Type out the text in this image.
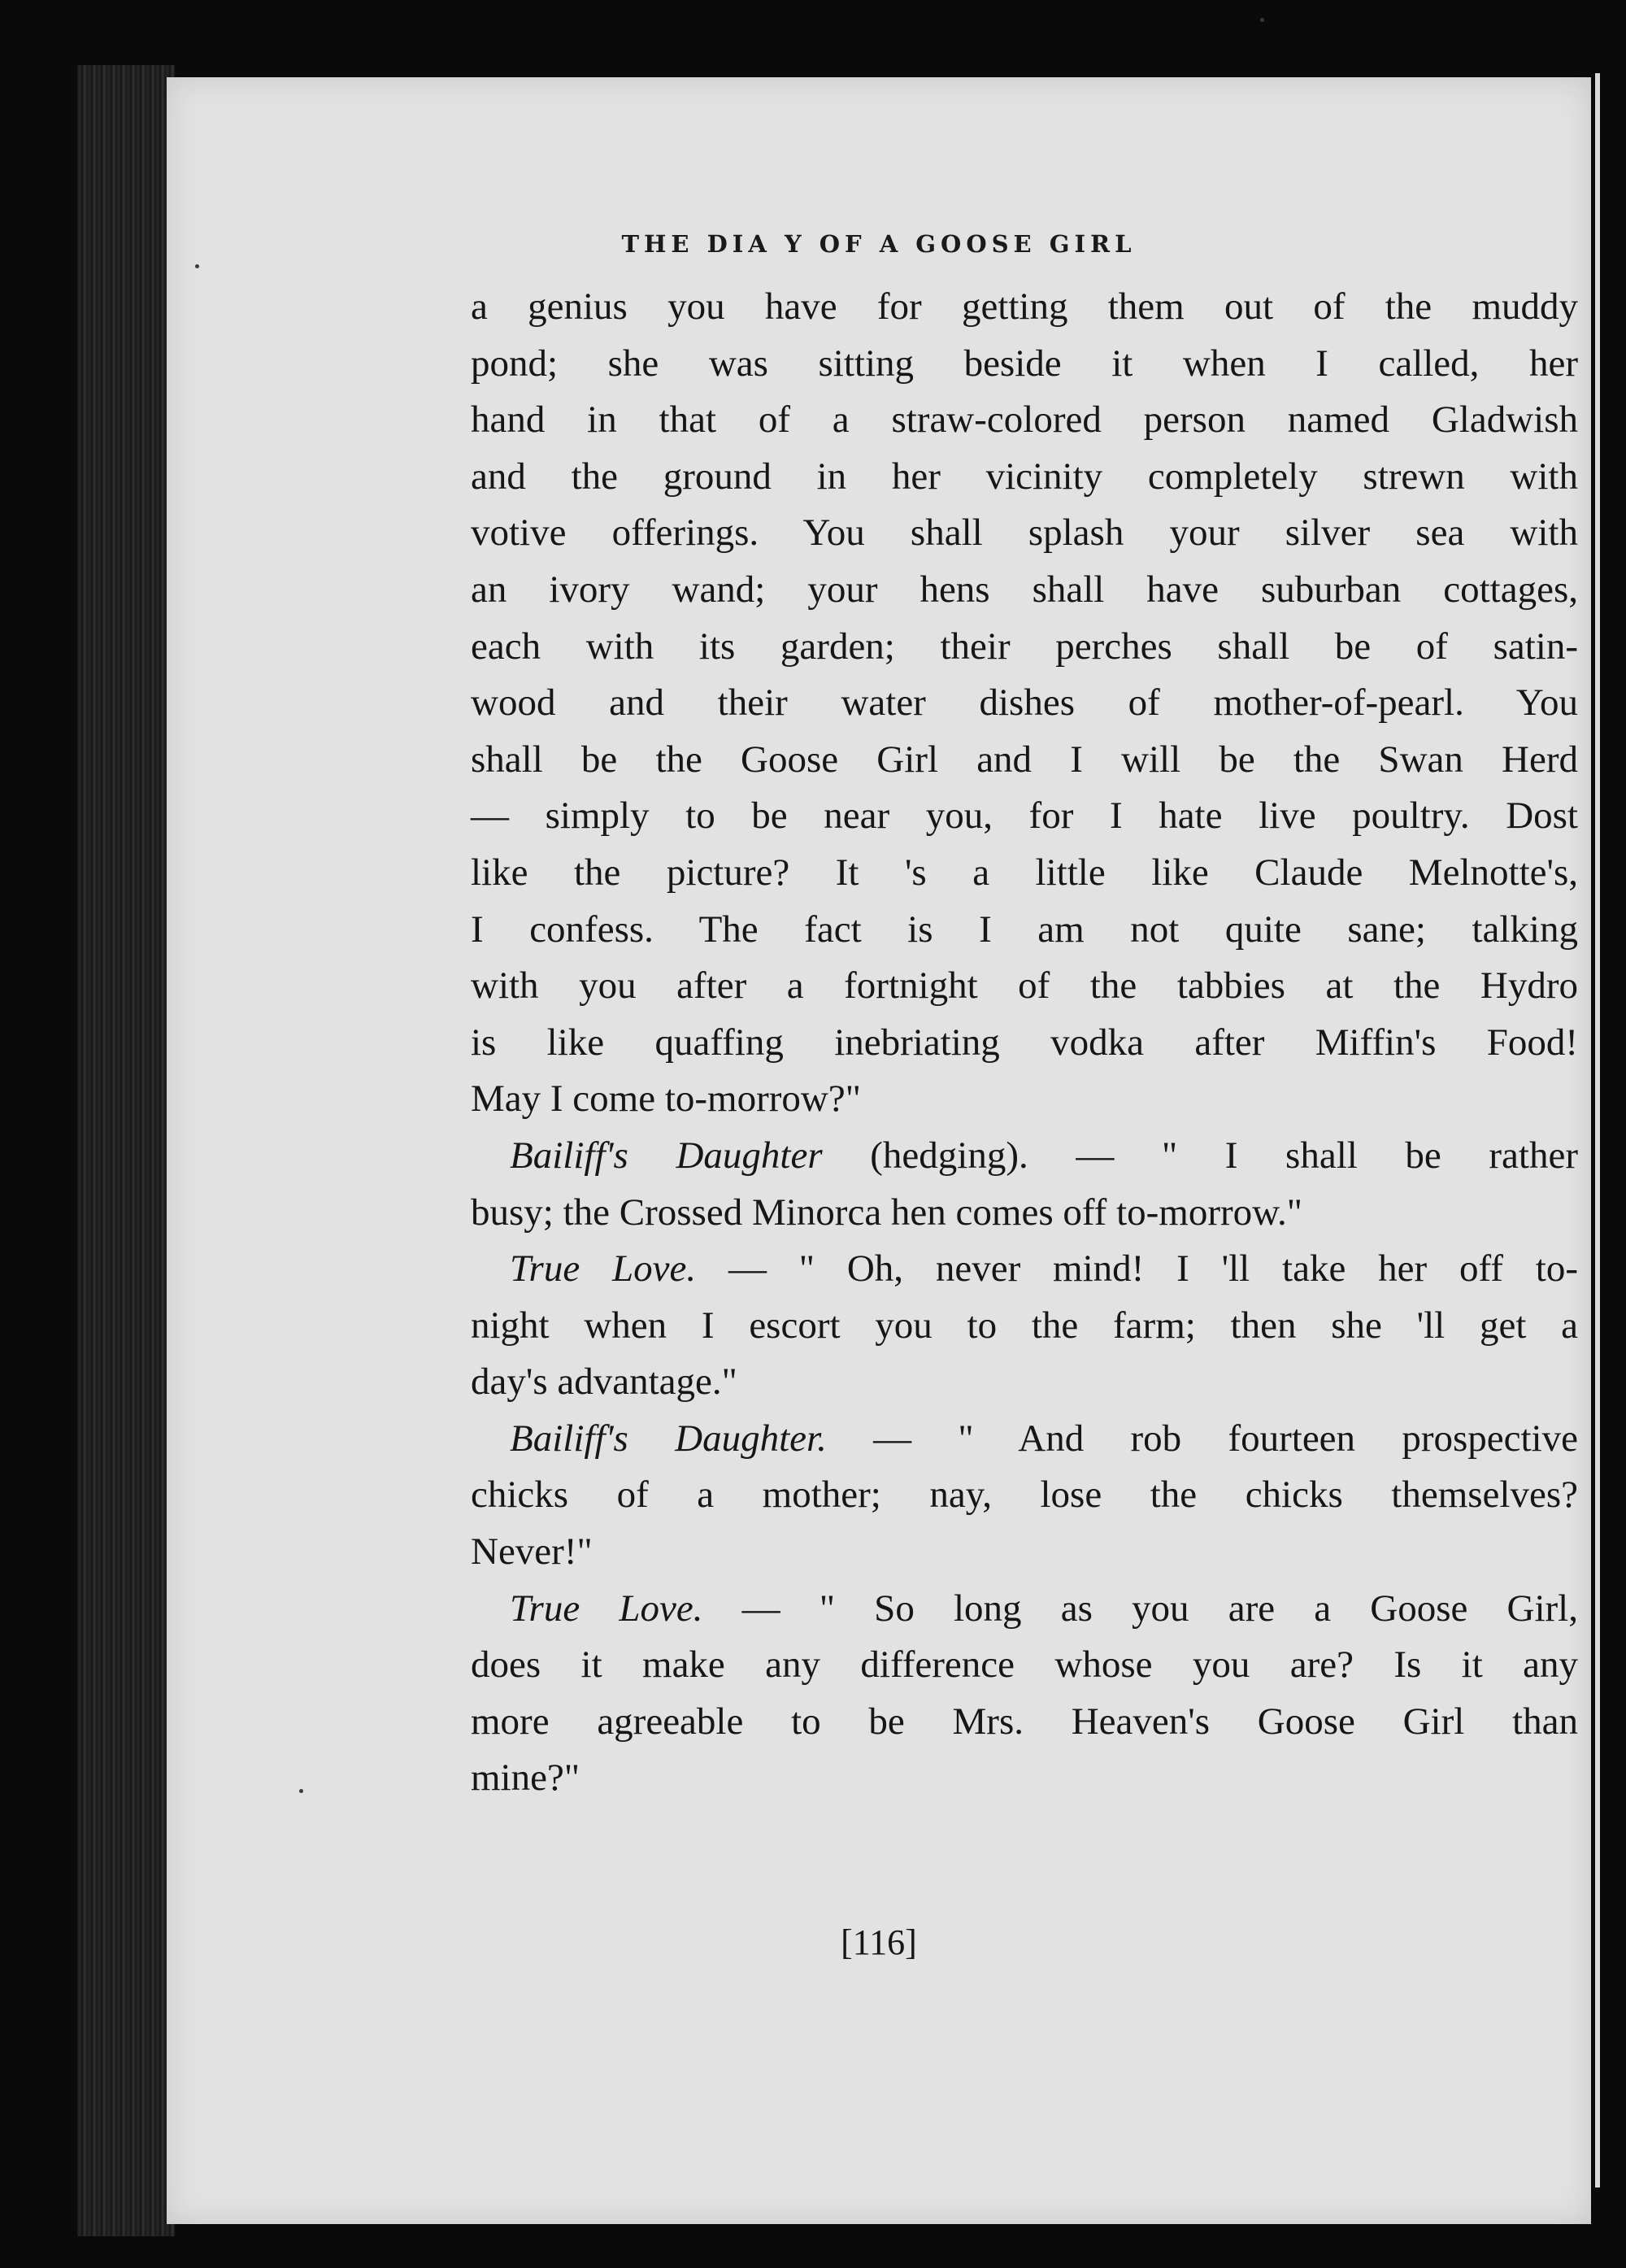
THE DIA Y OF A GOOSE GIRL
a genius you have for getting them out of the muddy
pond; she was sitting beside it when I called, her
hand in that of a straw-colored person named Gladwish
and the ground in her vicinity completely strewn with
votive offerings. You shall splash your silver sea with
an ivory wand; your hens shall have suburban cottages,
each with its garden; their perches shall be of satin-
wood and their water dishes of mother-of-pearl. You
shall be the Goose Girl and I will be the Swan Herd
— simply to be near you, for I hate live poultry. Dost
like the picture? It 's a little like Claude Melnotte's,
I confess. The fact is I am not quite sane; talking
with you after a fortnight of the tabbies at the Hydro
is like quaffing inebriating vodka after Miffin's Food!
May I come to-morrow?"
Bailiff's Daughter (hedging). — " I shall be rather
busy; the Crossed Minorca hen comes off to-morrow."
True Love. — " Oh, never mind! I 'll take her off to-
night when I escort you to the farm; then she 'll get a
day's advantage."
Bailiff's Daughter. — " And rob fourteen prospective
chicks of a mother; nay, lose the chicks themselves?
Never!"
True Love. — " So long as you are a Goose Girl,
does it make any difference whose you are? Is it any
more agreeable to be Mrs. Heaven's Goose Girl than
mine?"
[116]
